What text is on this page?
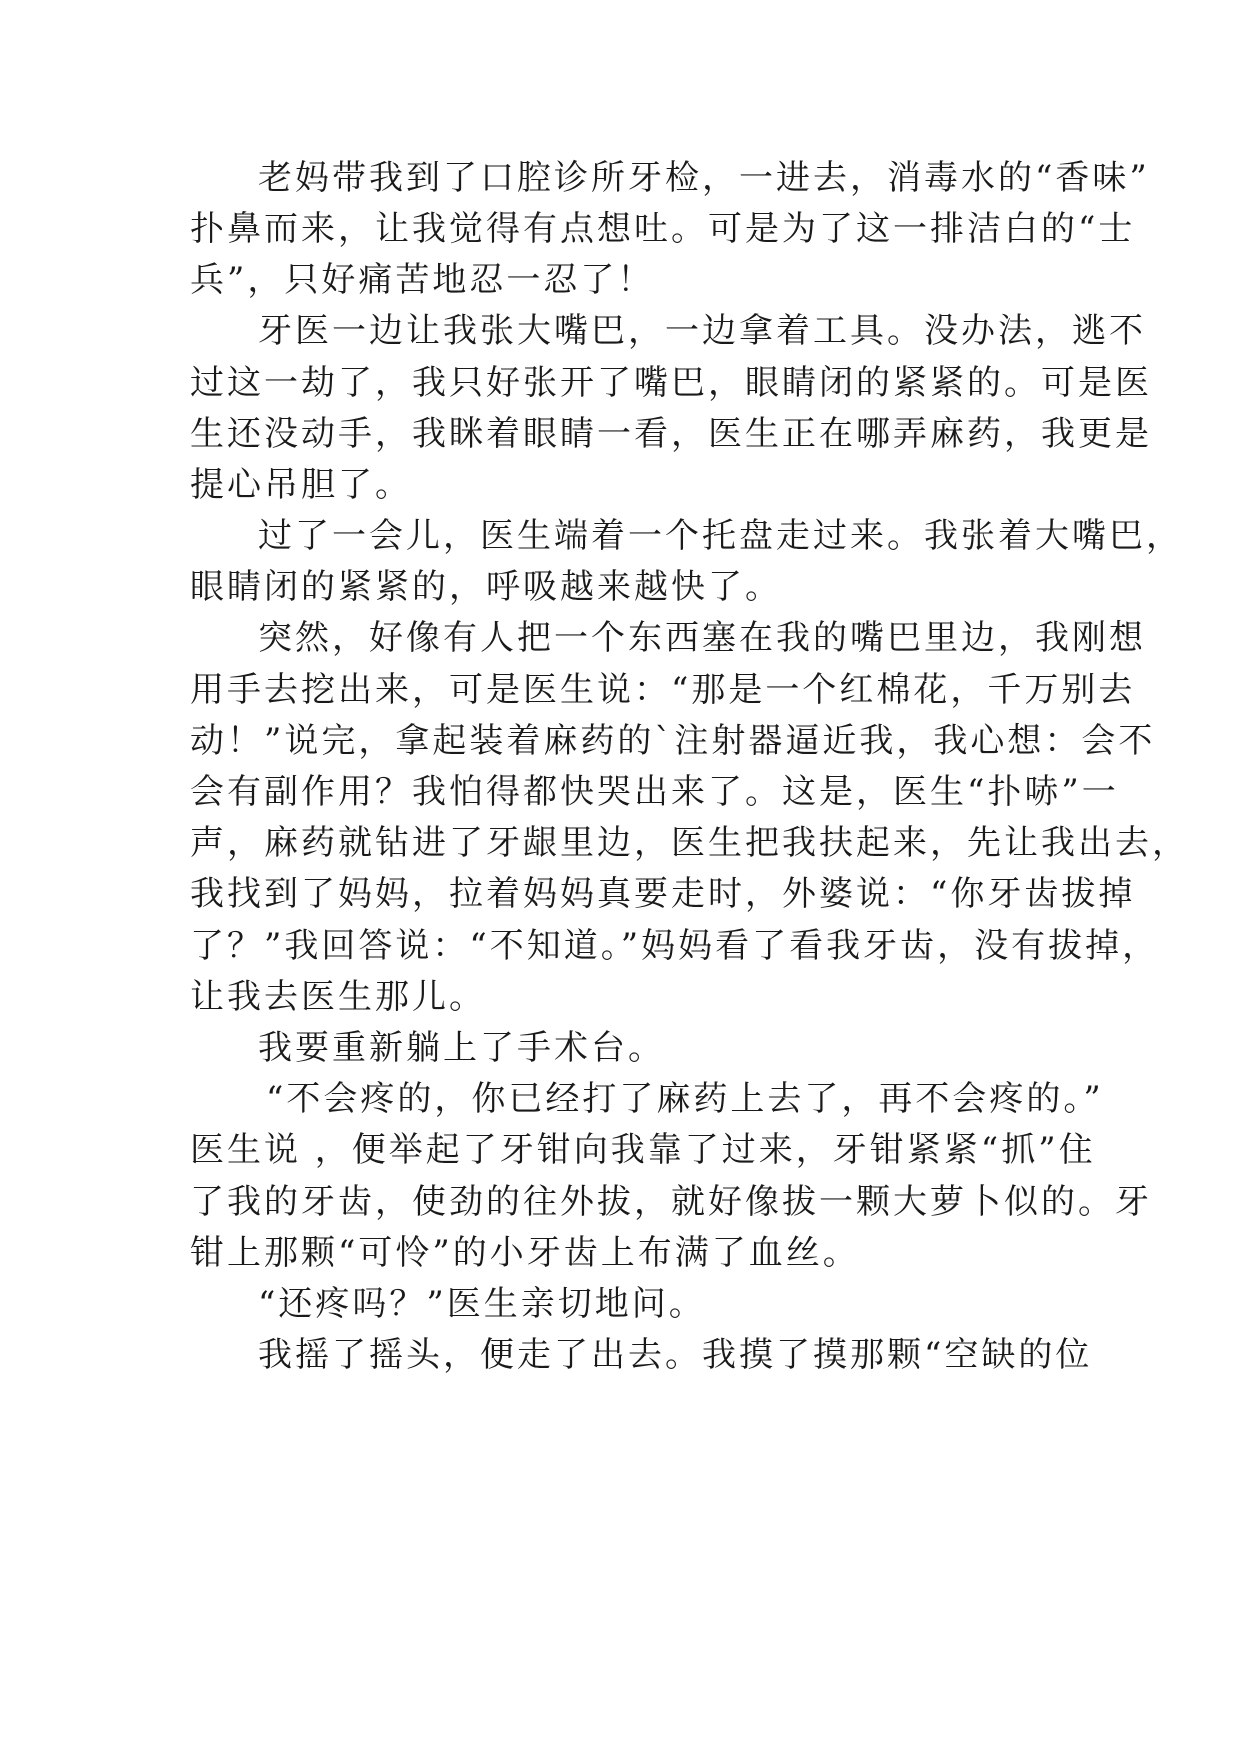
老妈带我到了口腔诊所牙检，一进去，消毒水的“香味”
扑鼻而来，让我觉得有点想吐。可是为了这一排洁白的“士
兵”，只好痛苦地忍一忍了！
牙医一边让我张大嘴巴，一边拿着工具。没办法，逃不
过这一劫了，我只好张开了嘴巴，眼睛闭的紧紧的。可是医
生还没动手，我眯着眼睛一看，医生正在哪弄麻药，我更是
提心吊胆了。
过了一会儿，医生端着一个托盘走过来。我张着大嘴巴，
眼睛闭的紧紧的，呼吸越来越快了。
突然，好像有人把一个东西塞在我的嘴巴里边，我刚想
用手去挖出来，可是医生说：“那是一个红棉花，千万别去
动！”说完，拿起装着麻药的`注射器逼近我，我心想：会不
会有副作用？我怕得都快哭出来了。这是，医生“扑哧”一
声，麻药就钻进了牙龈里边，医生把我扶起来，先让我出去，
我找到了妈妈，拉着妈妈真要走时，外婆说：“你牙齿拔掉
了？”我回答说：“不知道。”妈妈看了看我牙齿，没有拔掉，
让我去医生那儿。
我要重新躺上了手术台。
“不会疼的，你已经打了麻药上去了，再不会疼的。”
医生说 ，便举起了牙钳向我靠了过来，牙钳紧紧“抓”住
了我的牙齿，使劲的往外拔，就好像拔一颗大萝卜似的。牙
钳上那颗“可怜”的小牙齿上布满了血丝。
“还疼吗？”医生亲切地问。
我摇了摇头，便走了出去。我摸了摸那颗“空缺的位
